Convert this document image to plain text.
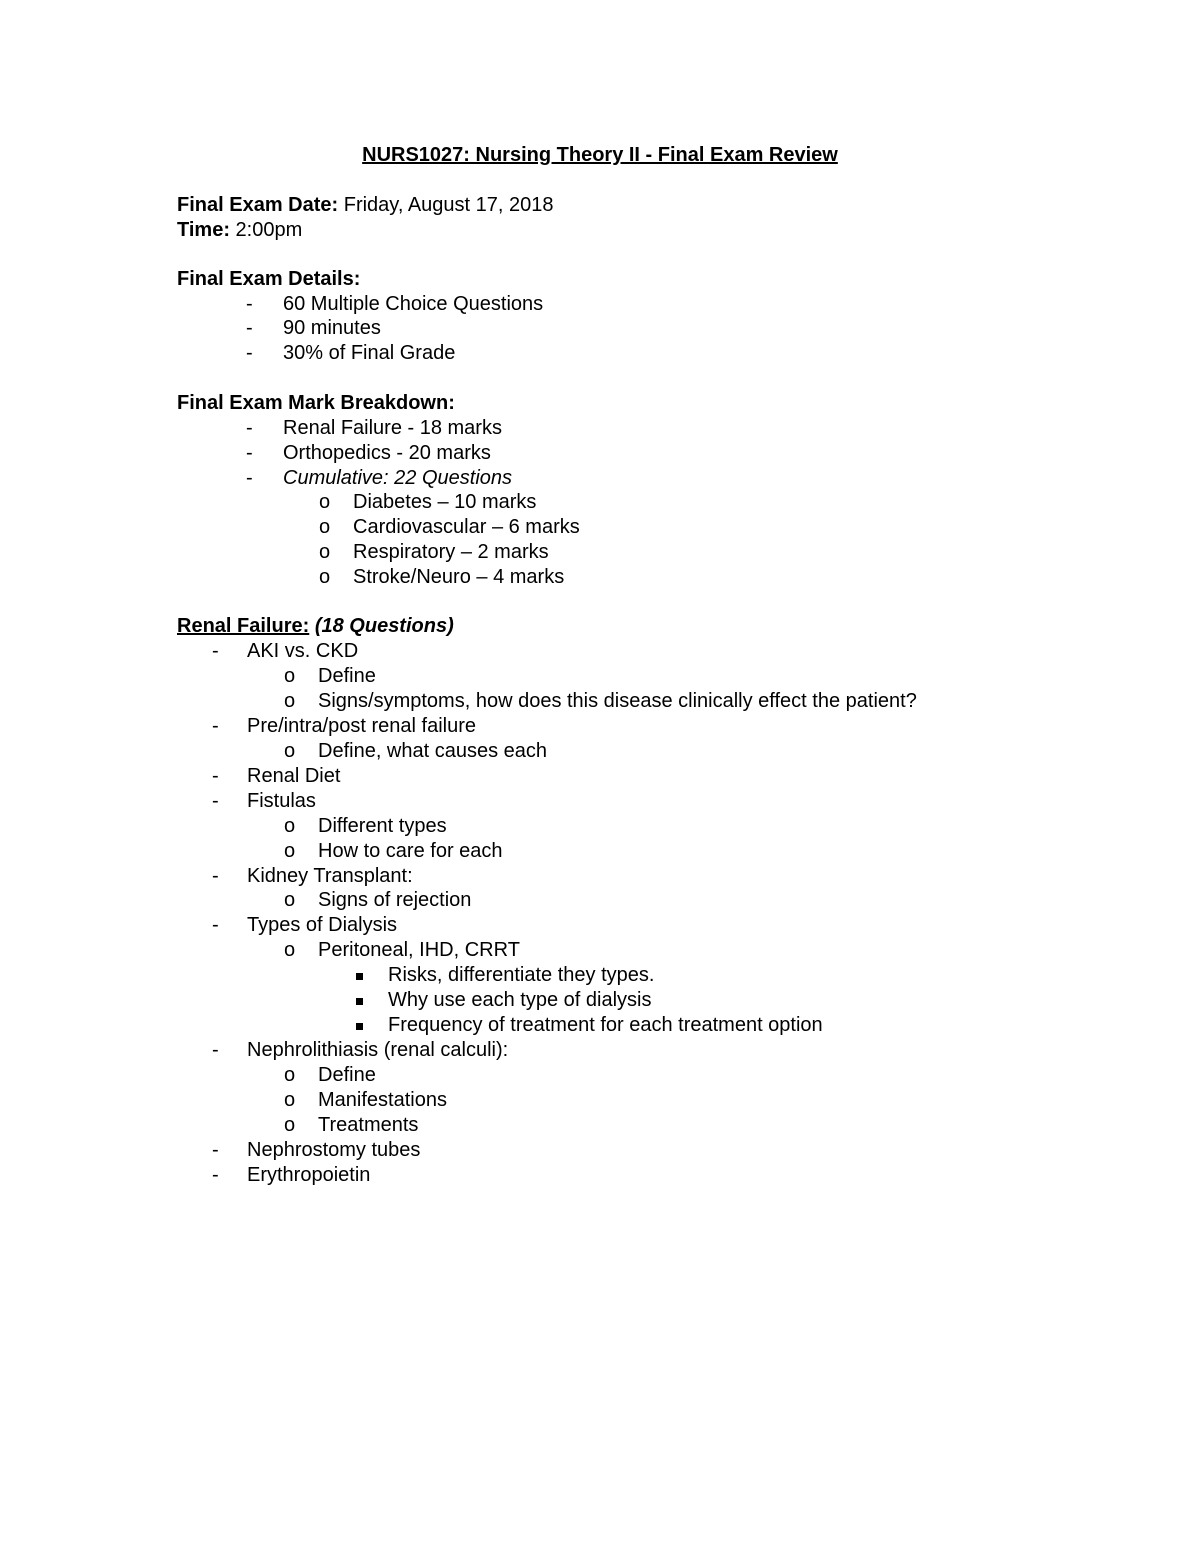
NURS1027: Nursing Theory II - Final Exam Review
Final Exam Date: Friday, August 17, 2018
Time: 2:00pm
Final Exam Details:
- 60 Multiple Choice Questions
- 90 minutes
- 30% of Final Grade
Final Exam Mark Breakdown:
- Renal Failure - 18 marks
- Orthopedics - 20 marks
- Cumulative: 22 Questions
o Diabetes – 10 marks
o Cardiovascular – 6 marks
o Respiratory – 2 marks
o Stroke/Neuro – 4 marks
Renal Failure: (18 Questions)
- AKI vs. CKD
o Define
o Signs/symptoms, how does this disease clinically effect the patient?
- Pre/intra/post renal failure
o Define, what causes each
- Renal Diet
- Fistulas
o Different types
o How to care for each
- Kidney Transplant:
o Signs of rejection
- Types of Dialysis
o Peritoneal, IHD, CRRT
Risks, differentiate they types.
Why use each type of dialysis
Frequency of treatment for each treatment option
- Nephrolithiasis (renal calculi):
o Define
o Manifestations
o Treatments
- Nephrostomy tubes
- Erythropoietin
